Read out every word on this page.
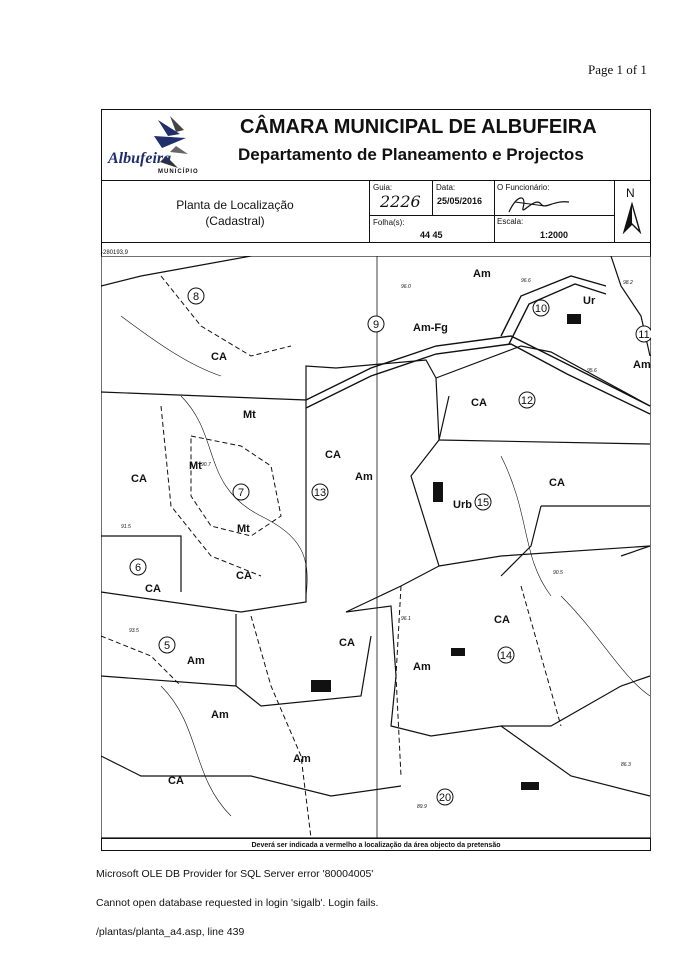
Page 1 of 1
Albufeira
MUNICÍPIO
CÂMARA MUNICIPAL DE ALBUFEIRA
Departamento de Planeamento e Projectos
Planta de Localização
(Cadastral)
Guia:
2226
Data:
25/05/2016
O Funcionário:
Folha(s):
44 45
Escala:
1:2000
N
-280193,9
8
9
10
11
12
13
7
6
15
5
14
20
Am-Fg
CA
CA
CA
CA
CA
CA
CA
CA
CA
CA
Am
Am
Am
Am	Am
Am
Am
Mt
Mt
Mt
Urb
Ur
96.0
96.6	98.2
95.6
90.7
91.5
90.5
93.5
96.1
89.9
86.3
Deverá ser indicada a vermelho a localização da área objecto da pretensão
Microsoft OLE DB Provider for SQL Server error '80004005'
Cannot open database requested in login 'sigalb'. Login fails.
/plantas/planta_a4.asp, line 439
